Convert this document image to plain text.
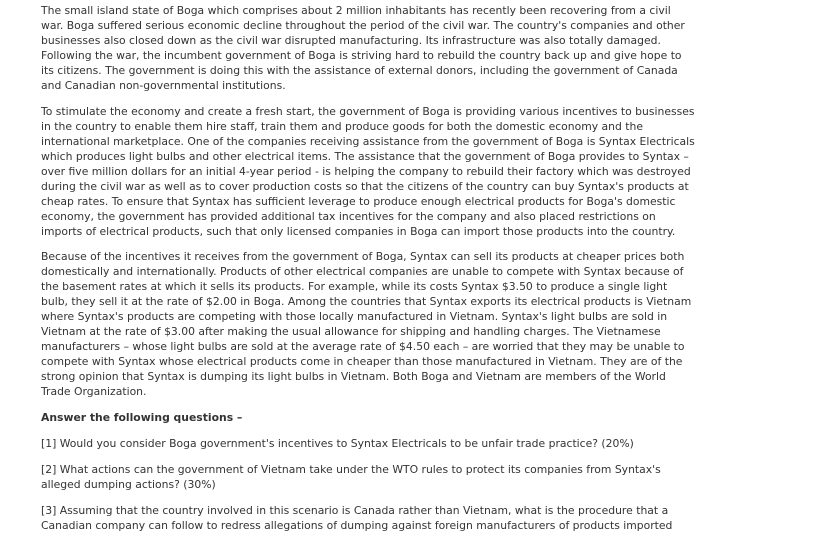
The small island state of Boga which comprises about 2 million inhabitants has recently been recovering from a civil war. Boga suffered serious economic decline throughout the period of the civil war. The country's companies and other businesses also closed down as the civil war disrupted manufacturing. Its infrastructure was also totally damaged. Following the war, the incumbent government of Boga is striving hard to rebuild the country back up and give hope to its citizens. The government is doing this with the assistance of external donors, including the government of Canada and Canadian non-governmental institutions.

To stimulate the economy and create a fresh start, the government of Boga is providing various incentives to businesses in the country to enable them hire staff, train them and produce goods for both the domestic economy and the international marketplace. One of the companies receiving assistance from the government of Boga is Syntax Electricals which produces light bulbs and other electrical items. The assistance that the government of Boga provides to Syntax – over five million dollars for an initial 4-year period - is helping the company to rebuild their factory which was destroyed during the civil war as well as to cover production costs so that the citizens of the country can buy Syntax's products at cheap rates. To ensure that Syntax has sufficient leverage to produce enough electrical products for Boga's domestic economy, the government has provided additional tax incentives for the company and also placed restrictions on imports of electrical products, such that only licensed companies in Boga can import those products into the country.

Because of the incentives it receives from the government of Boga, Syntax can sell its products at cheaper prices both domestically and internationally. Products of other electrical companies are unable to compete with Syntax because of the basement rates at which it sells its products. For example, while its costs Syntax $3.50 to produce a single light bulb, they sell it at the rate of $2.00 in Boga. Among the countries that Syntax exports its electrical products is Vietnam where Syntax's products are competing with those locally manufactured in Vietnam. Syntax's light bulbs are sold in Vietnam at the rate of $3.00 after making the usual allowance for shipping and handling charges. The Vietnamese manufacturers – whose light bulbs are sold at the average rate of $4.50 each – are worried that they may be unable to compete with Syntax whose electrical products come in cheaper than those manufactured in Vietnam. They are of the strong opinion that Syntax is dumping its light bulbs in Vietnam. Both Boga and Vietnam are members of the World Trade Organization.

Answer the following questions –

[1] Would you consider Boga government's incentives to Syntax Electricals to be unfair trade practice? (20%)

[2] What actions can the government of Vietnam take under the WTO rules to protect its companies from Syntax's alleged dumping actions? (30%)

[3] Assuming that the country involved in this scenario is Canada rather than Vietnam, what is the procedure that a Canadian company can follow to redress allegations of dumping against foreign manufacturers of products imported
